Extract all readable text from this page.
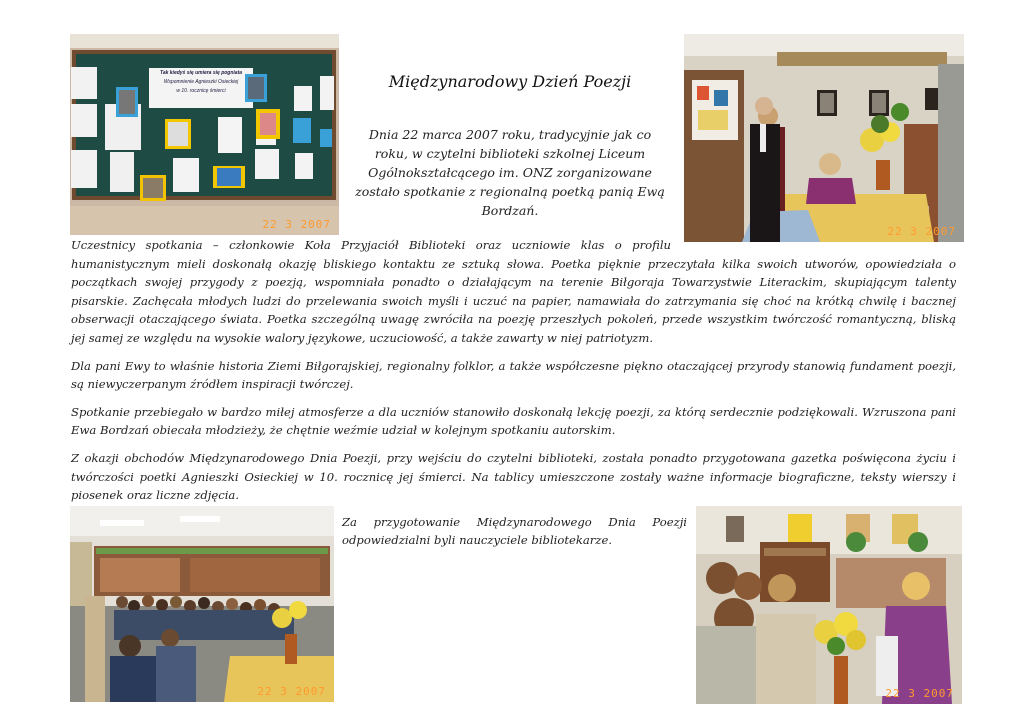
Tak kiedyś się umiera się pogniata
Wspomnienie Agnieszki Osieckiej
w 10. rocznicę śmierci
22 3 2007
22 3 2007
Międzynarodowy Dzień Poezji
Dnia 22 marca 2007 roku, tradycyjnie jak co roku, w czytelni biblioteki szkolnej Liceum Ogólnokształcącego im. ONZ zorganizowane zostało spotkanie z regionalną poetką panią Ewą Bordzań.

Uczestnicy spotkania – członkowie Koła Przyjaciół Biblioteki oraz uczniowie klas o profilu
humanistycznym mieli doskonałą okazję bliskiego kontaktu ze sztuką słowa. Poetka pięknie przeczytała kilka swoich utworów, opowiedziała o początkach swojej przygody z poezją, wspomniała ponadto o działającym na terenie Biłgoraja Towarzystwie Literackim, skupiającym talenty pisarskie. Zachęcała młodych ludzi do przelewania swoich myśli i uczuć na papier, namawiała do zatrzymania się choć na krótką chwilę i bacznej obserwacji otaczającego świata. Poetka szczególną uwagę zwróciła na poezję przeszłych pokoleń, przede wszystkim twórczość romantyczną, bliską jej samej ze względu na wysokie walory językowe, uczuciowość, a także zawarty w niej patriotyzm.

Dla pani Ewy to właśnie historia Ziemi Biłgorajskiej, regionalny folklor, a także współczesne piękno otaczającej przyrody stanowią fundament poezji, są niewyczerpanym źródłem inspiracji twórczej.

Spotkanie przebiegało w bardzo miłej atmosferze a dla uczniów stanowiło doskonałą lekcję poezji, za którą serdecznie podziękowali. Wzruszona pani Ewa Bordzań obiecała młodzieży, że chętnie weźmie udział w kolejnym spotkaniu autorskim.

Z okazji obchodów Międzynarodowego Dnia Poezji, przy wejściu do czytelni biblioteki, została ponadto przygotowana gazetka poświęcona życiu i twórczości poetki Agnieszki Osieckiej w 10. rocznicę jej śmierci. Na tablicy umieszczone zostały ważne informacje biograficzne, teksty wierszy i piosenek oraz liczne zdjęcia.

22 3 2007
Za przygotowanie Międzynarodowego Dnia Poezji odpowiedzialni byli nauczyciele bibliotekarze.
22 3 2007
